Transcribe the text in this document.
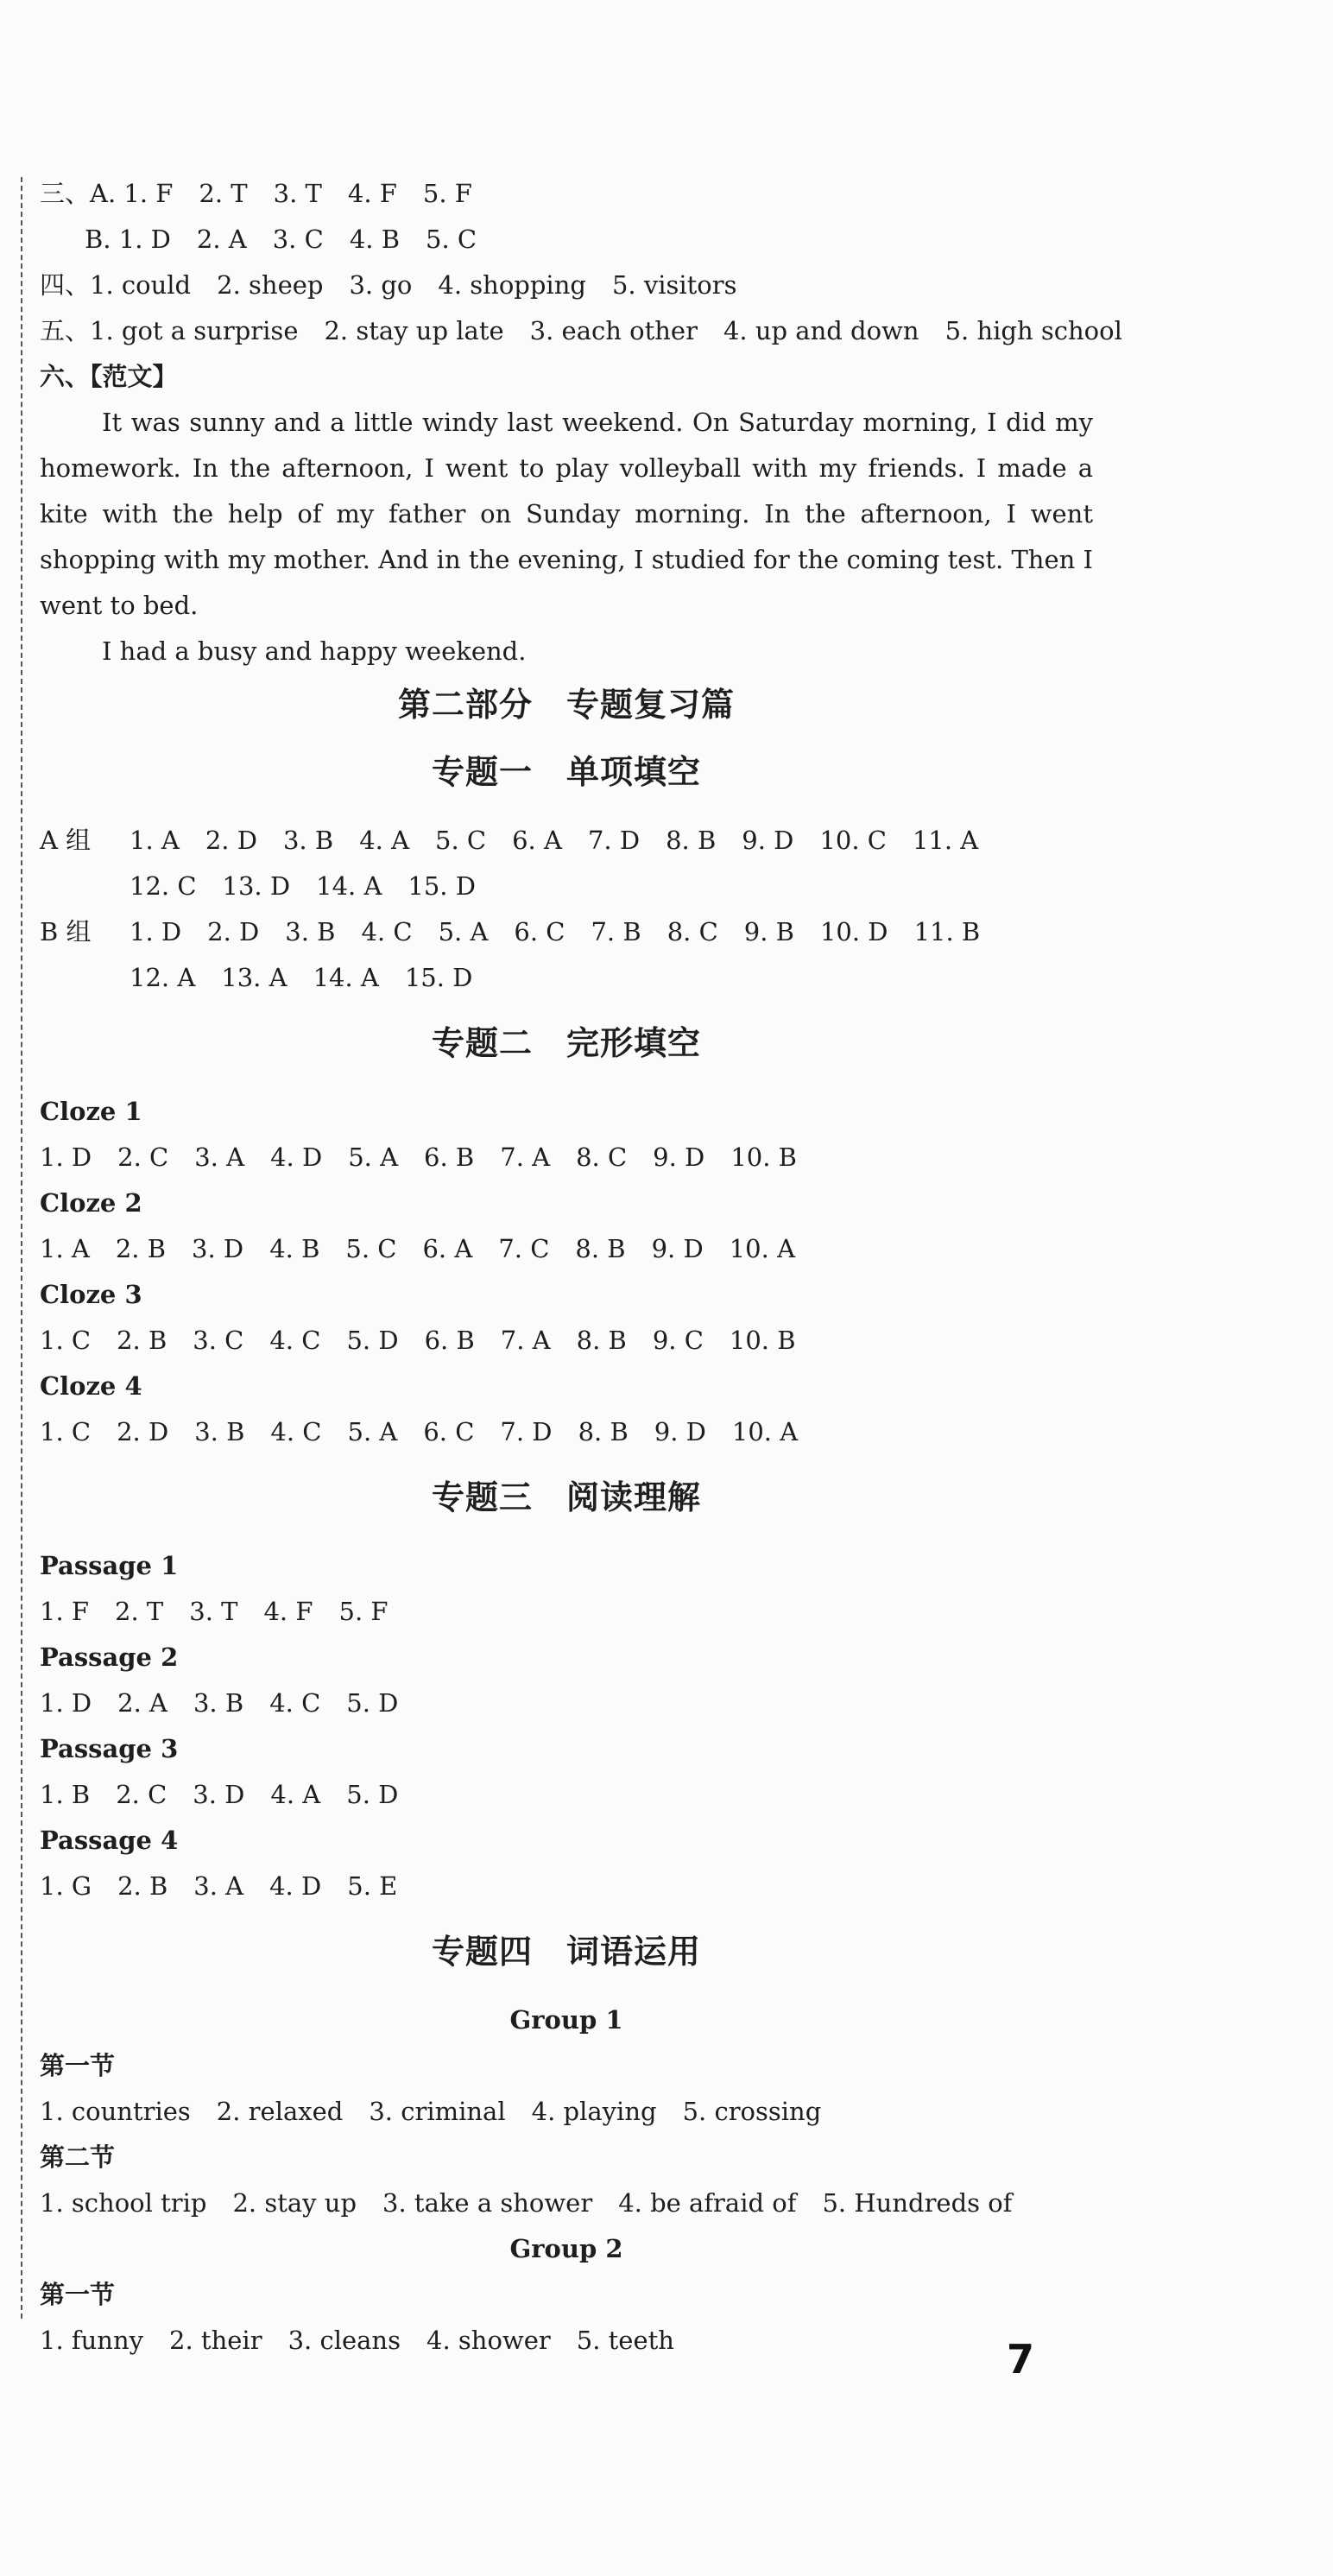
三、A. 1. F 2. T 3. T 4. F 5. F
B. 1. D 2. A 3. C 4. B 5. C
四、1. could 2. sheep 3. go 4. shopping 5. visitors
五、1. got a surprise 2. stay up late 3. each other 4. up and down 5. high school
六、【范文】
It was sunny and a little windy last weekend. On Saturday morning, I did my homework. In the afternoon, I went to play volleyball with my friends. I made a kite with the help of my father on Sunday morning. In the afternoon, I went shopping with my mother. And in the evening, I studied for the coming test. Then I went to bed.
I had a busy and happy weekend.
第二部分　专题复习篇
专题一　单项填空
A 组 1. A 2. D 3. B 4. A 5. C 6. A 7. D 8. B 9. D 10. C 11. A
12. C 13. D 14. A 15. D
B 组 1. D 2. D 3. B 4. C 5. A 6. C 7. B 8. C 9. B 10. D 11. B
12. A 13. A 14. A 15. D
专题二　完形填空
Cloze 1
1. D 2. C 3. A 4. D 5. A 6. B 7. A 8. C 9. D 10. B
Cloze 2
1. A 2. B 3. D 4. B 5. C 6. A 7. C 8. B 9. D 10. A
Cloze 3
1. C 2. B 3. C 4. C 5. D 6. B 7. A 8. B 9. C 10. B
Cloze 4
1. C 2. D 3. B 4. C 5. A 6. C 7. D 8. B 9. D 10. A
专题三　阅读理解
Passage 1
1. F 2. T 3. T 4. F 5. F
Passage 2
1. D 2. A 3. B 4. C 5. D
Passage 3
1. B 2. C 3. D 4. A 5. D
Passage 4
1. G 2. B 3. A 4. D 5. E
专题四　词语运用
Group 1
第一节
1. countries 2. relaxed 3. criminal 4. playing 5. crossing
第二节
1. school trip 2. stay up 3. take a shower 4. be afraid of 5. Hundreds of
Group 2
第一节
1. funny 2. their 3. cleans 4. shower 5. teeth	7
